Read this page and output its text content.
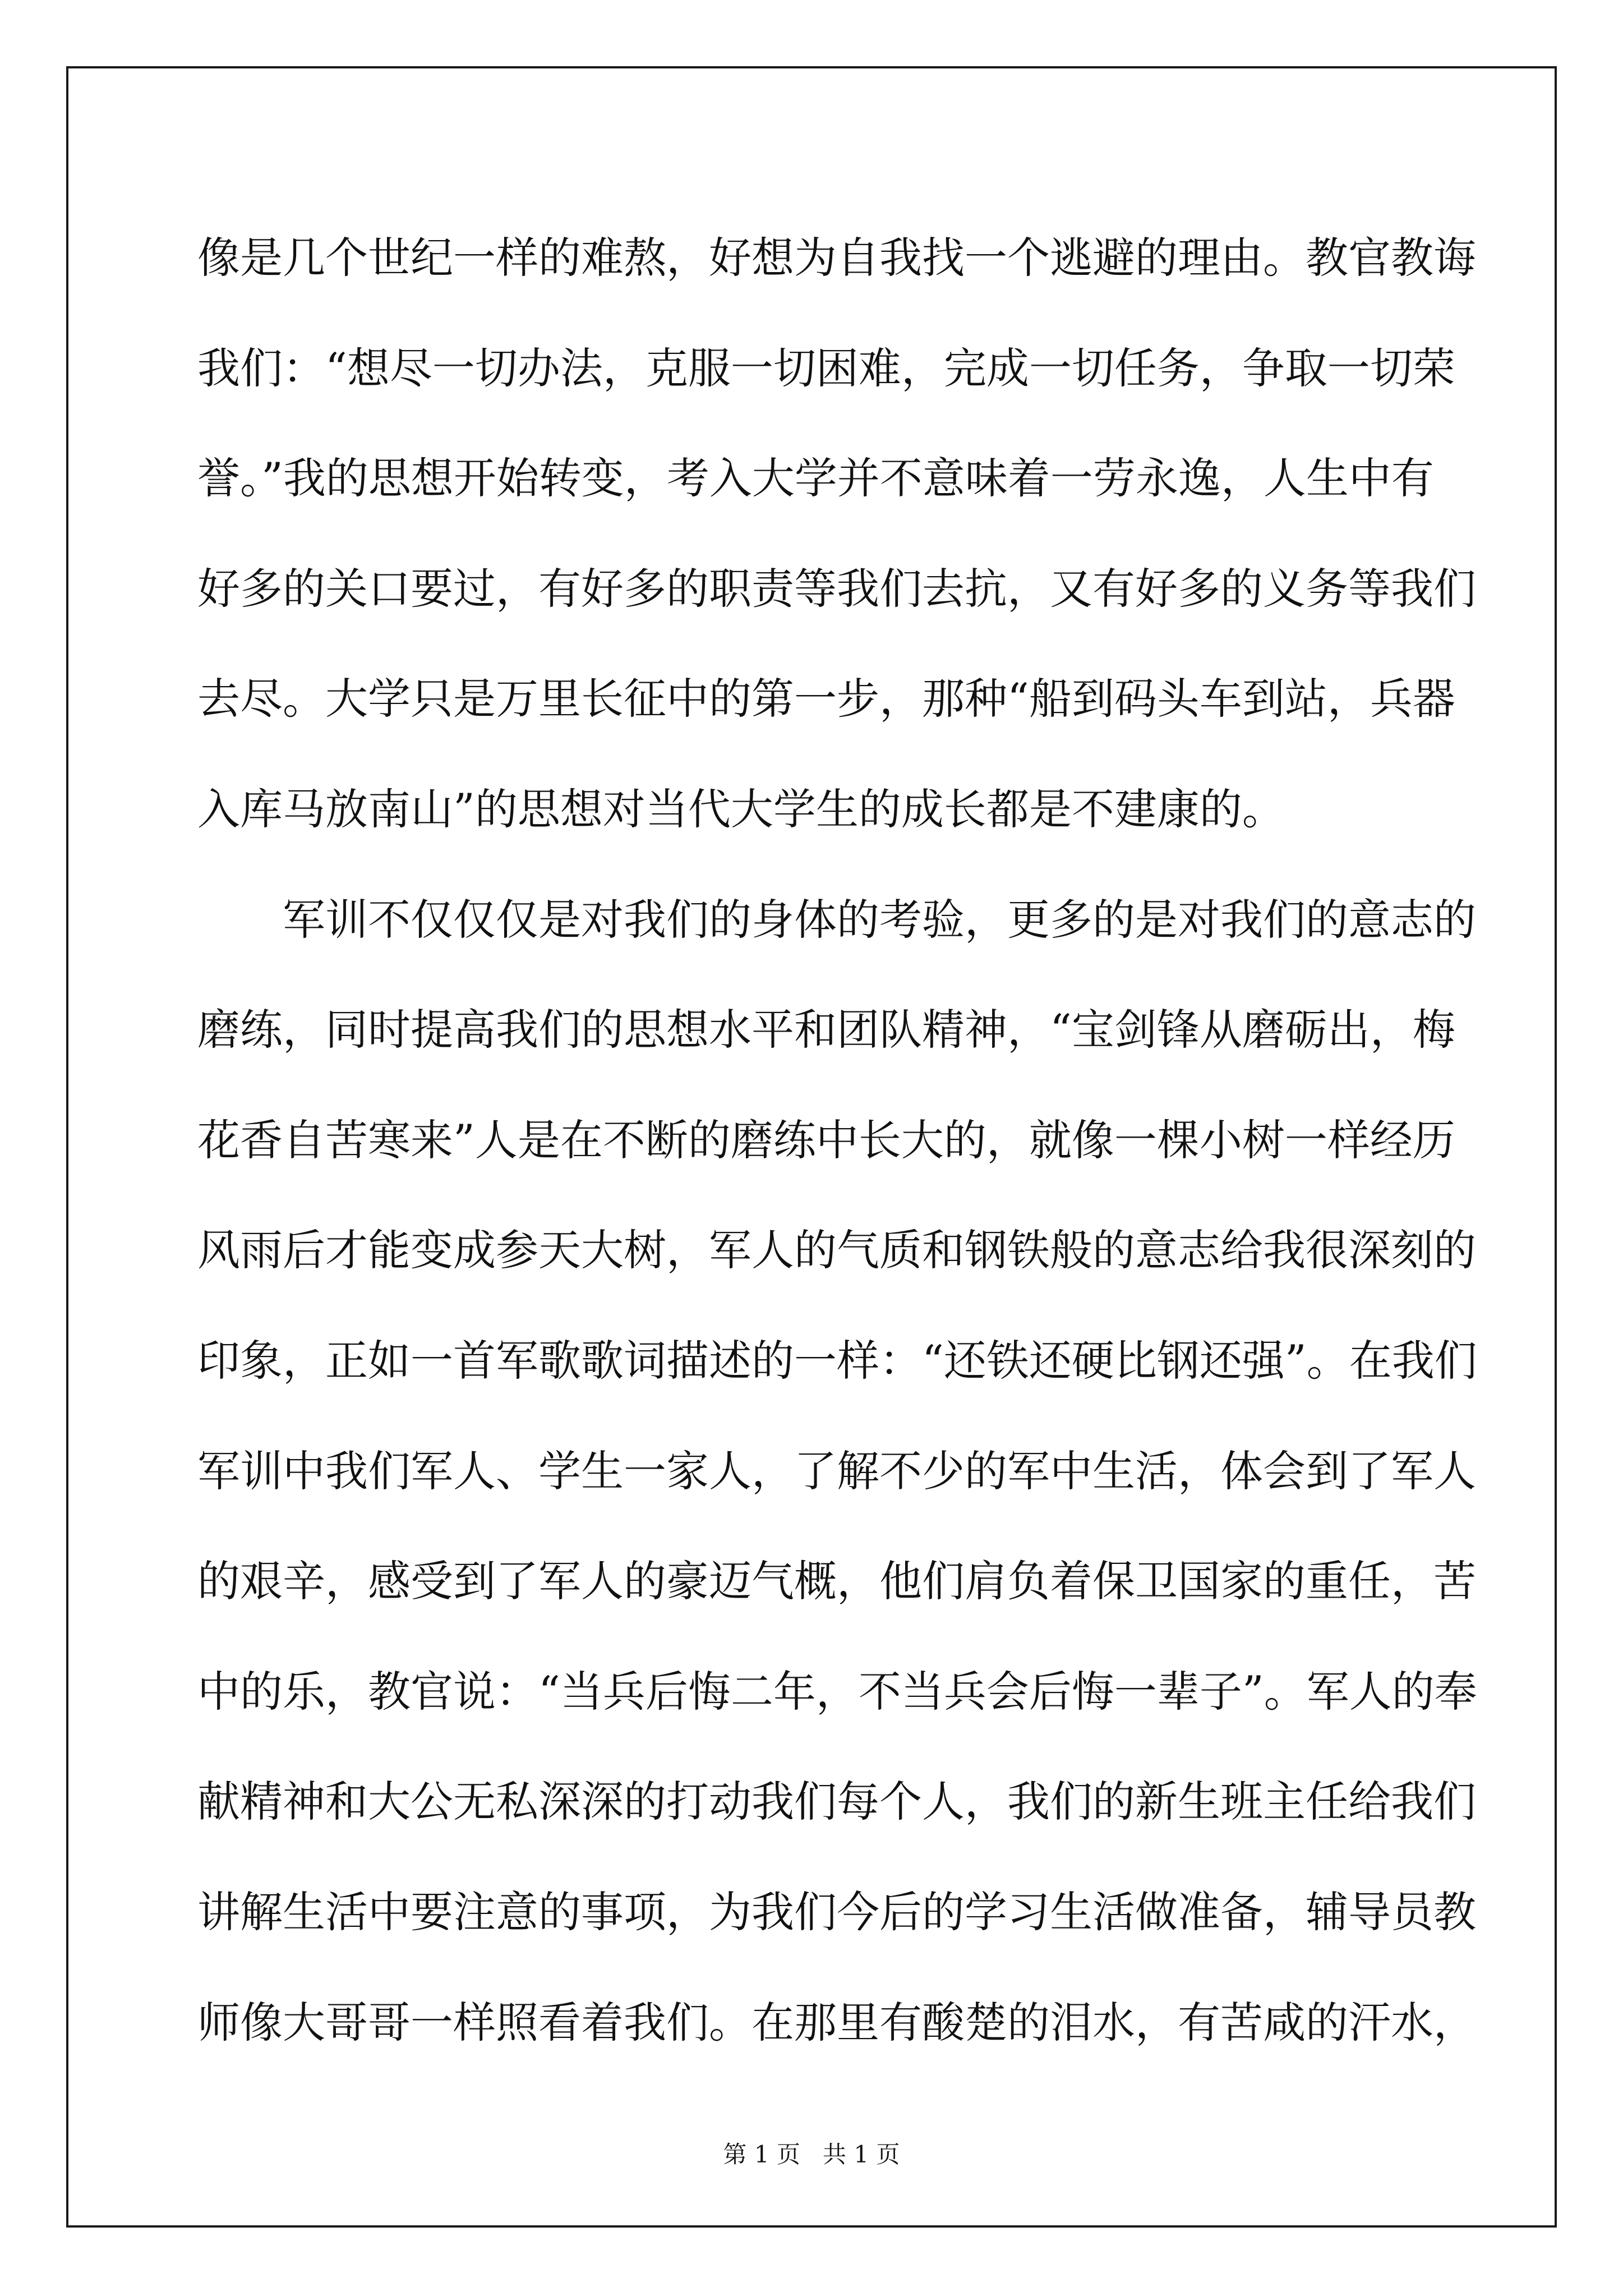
像是几个世纪一样的难熬，好想为自我找一个逃避的理由。教官教诲
我们：“想尽一切办法，克服一切困难，完成一切任务，争取一切荣
誉。”我的思想开始转变，考入大学并不意味着一劳永逸，人生中有
好多的关口要过，有好多的职责等我们去抗，又有好多的义务等我们
去尽。大学只是万里长征中的第一步，那种“船到码头车到站，兵器
入库马放南山”的思想对当代大学生的成长都是不建康的。

　　军训不仅仅仅是对我们的身体的考验，更多的是对我们的意志的
磨练，同时提高我们的思想水平和团队精神，“宝剑锋从磨砺出，梅
花香自苦寒来”人是在不断的磨练中长大的，就像一棵小树一样经历
风雨后才能变成参天大树，军人的气质和钢铁般的意志给我很深刻的
印象，正如一首军歌歌词描述的一样：“还铁还硬比钢还强”。在我们
军训中我们军人、学生一家人，了解不少的军中生活，体会到了军人
的艰辛，感受到了军人的豪迈气概，他们肩负着保卫国家的重任，苦
中的乐，教官说：“当兵后悔二年，不当兵会后悔一辈子”。军人的奉
献精神和大公无私深深的打动我们每个人，我们的新生班主任给我们
讲解生活中要注意的事项，为我们今后的学习生活做准备，辅导员教
师像大哥哥一样照看着我们。在那里有酸楚的泪水，有苦咸的汗水，

第 1 页 共 1 页
